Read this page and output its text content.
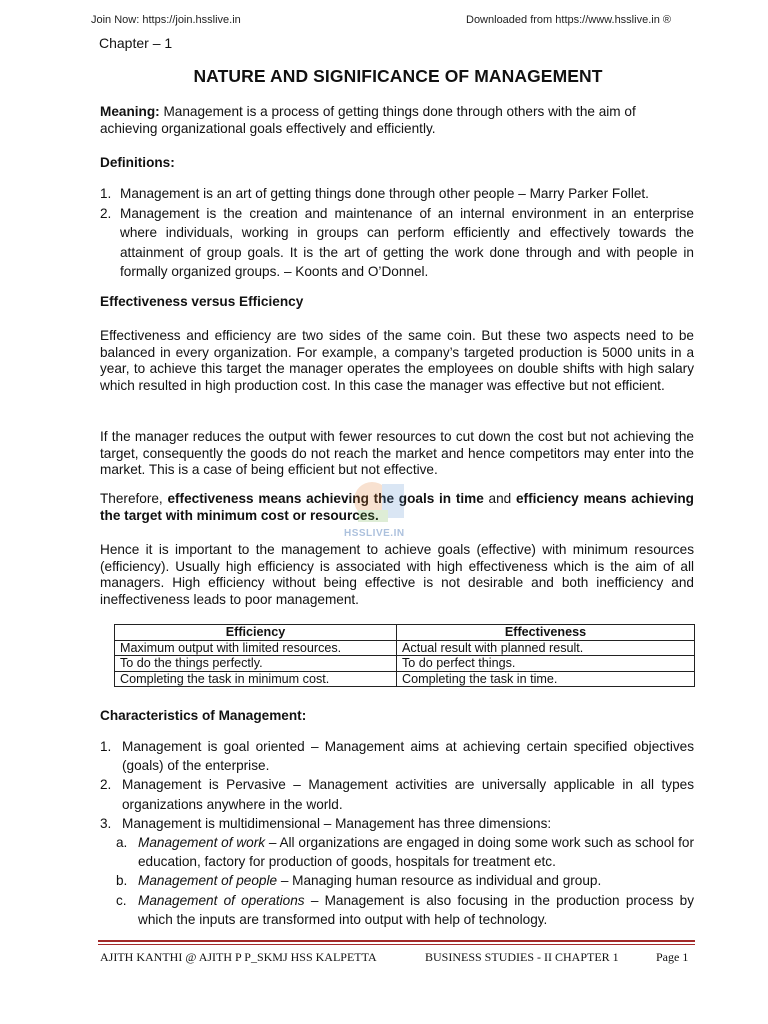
Join Now: https://join.hsslive.in	Downloaded from https://www.hsslive.in ®
Chapter – 1
NATURE AND SIGNIFICANCE OF MANAGEMENT
Meaning: Management is a process of getting things done through others with the aim of achieving organizational goals effectively and efficiently.
Definitions:
1. Management is an art of getting things done through other people – Marry Parker Follet.
2. Management is the creation and maintenance of an internal environment in an enterprise where individuals, working in groups can perform efficiently and effectively towards the attainment of group goals. It is the art of getting the work done through and with people in formally organized groups. – Koonts and O’Donnel.
Effectiveness versus Efficiency
Effectiveness and efficiency are two sides of the same coin. But these two aspects need to be balanced in every organization. For example, a company’s targeted production is 5000 units in a year, to achieve this target the manager operates the employees on double shifts with high salary which resulted in high production cost. In this case the manager was effective but not efficient.
If the manager reduces the output with fewer resources to cut down the cost but not achieving the target, consequently the goods do not reach the market and hence competitors may enter into the market. This is a case of being efficient but not effective.
Therefore, effectiveness means achieving the goals in time and efficiency means achieving the target with minimum cost or resources.
HSSLIVE.IN
Hence it is important to the management to achieve goals (effective) with minimum resources (efficiency). Usually high efficiency is associated with high effectiveness which is the aim of all managers. High efficiency without being effective is not desirable and both inefficiency and ineffectiveness leads to poor management.
Efficiency	Effectiveness
Maximum output with limited resources.	Actual result with planned result.
To do the things perfectly.	To do perfect things.
Completing the task in minimum cost.	Completing the task in time.
Characteristics of Management:
1. Management is goal oriented – Management aims at achieving certain specified objectives (goals) of the enterprise.
2. Management is Pervasive – Management activities are universally applicable in all types organizations anywhere in the world.
3. Management is multidimensional – Management has three dimensions:
a. Management of work – All organizations are engaged in doing some work such as school for education, factory for production of goods, hospitals for treatment etc.
b. Management of people – Managing human resource as individual and group.
c. Management of operations – Management is also focusing in the production process by which the inputs are transformed into output with help of technology.
AJITH KANTHI @ AJITH P P_SKMJ HSS KALPETTA	BUSINESS STUDIES - II CHAPTER 1	Page 1
